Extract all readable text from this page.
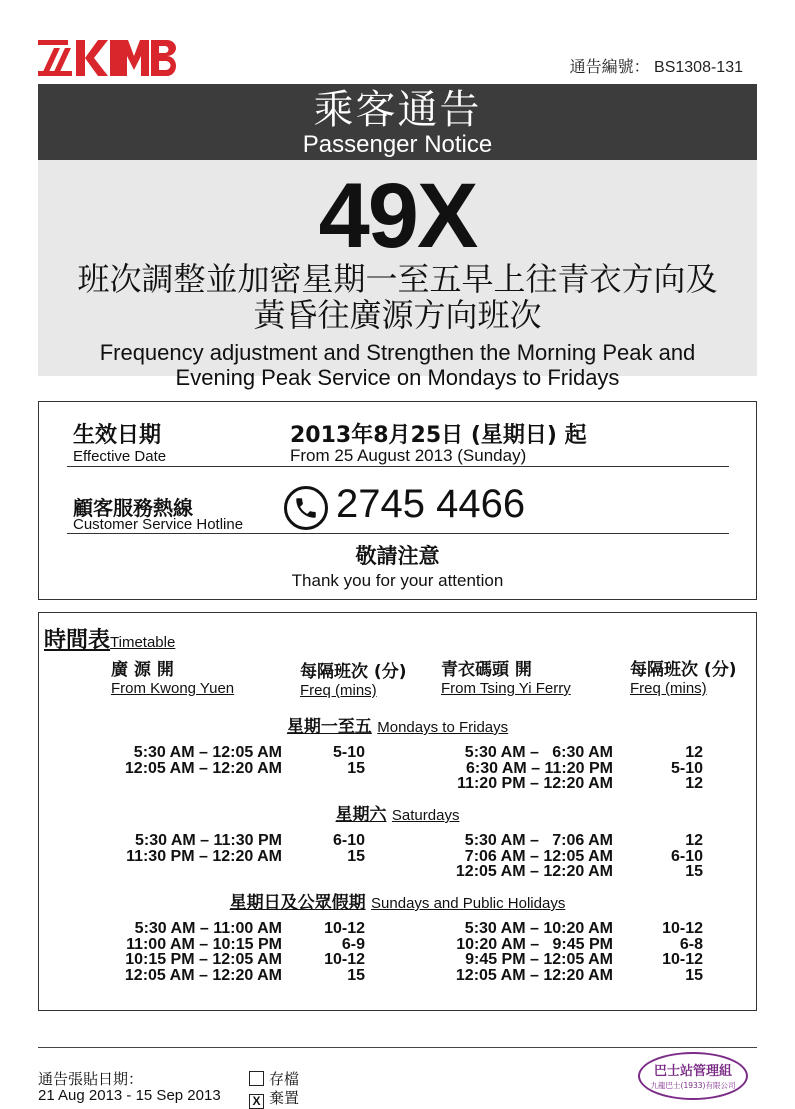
通告編號： BS1308-131
乘客通告
Passenger Notice
49X
班次調整並加密星期一至五早上往青衣方向及
黃昏往廣源方向班次
Frequency adjustment and Strengthen the Morning Peak and
Evening Peak Service on Mondays to Fridays
生效日期
Effective Date
2013年8月25日 (星期日) 起
From 25 August 2013 (Sunday)
顧客服務熱線
Customer Service Hotline 2745 4466
敬請注意
Thank you for your attention
時間表Timetable
廣 源 開
From Kwong Yuen
每隔班次 (分)
Freq (mins)
青衣碼頭 開
From Tsing Yi Ferry
每隔班次 (分)
Freq (mins)
星期一至五 Mondays to Fridays
5:30 AM – 12:05 AM
12:05 AM – 12:20 AM
5-10
15
5:30 AM –   6:30 AM
6:30 AM – 11:20 PM
11:20 PM – 12:20 AM
12
5-10
12
星期六 Saturdays
5:30 AM – 11:30 PM
11:30 PM – 12:20 AM
6-10
15
5:30 AM –   7:06 AM
7:06 AM – 12:05 AM
12:05 AM – 12:20 AM
12
6-10
15
星期日及公眾假期 Sundays and Public Holidays
5:30 AM – 11:00 AM
11:00 AM – 10:15 PM
10:15 PM – 12:05 AM
12:05 AM – 12:20 AM
10-12
6-9
10-12
15
5:30 AM – 10:20 AM
10:20 AM –   9:45 PM
9:45 PM – 12:05 AM
12:05 AM – 12:20 AM
10-12
6-8
10-12
15
通告張貼日期：
21 Aug 2013 - 15 Sep 2013
存檔
X 棄置
巴士站管理組
九龍巴士(1933)有限公司
